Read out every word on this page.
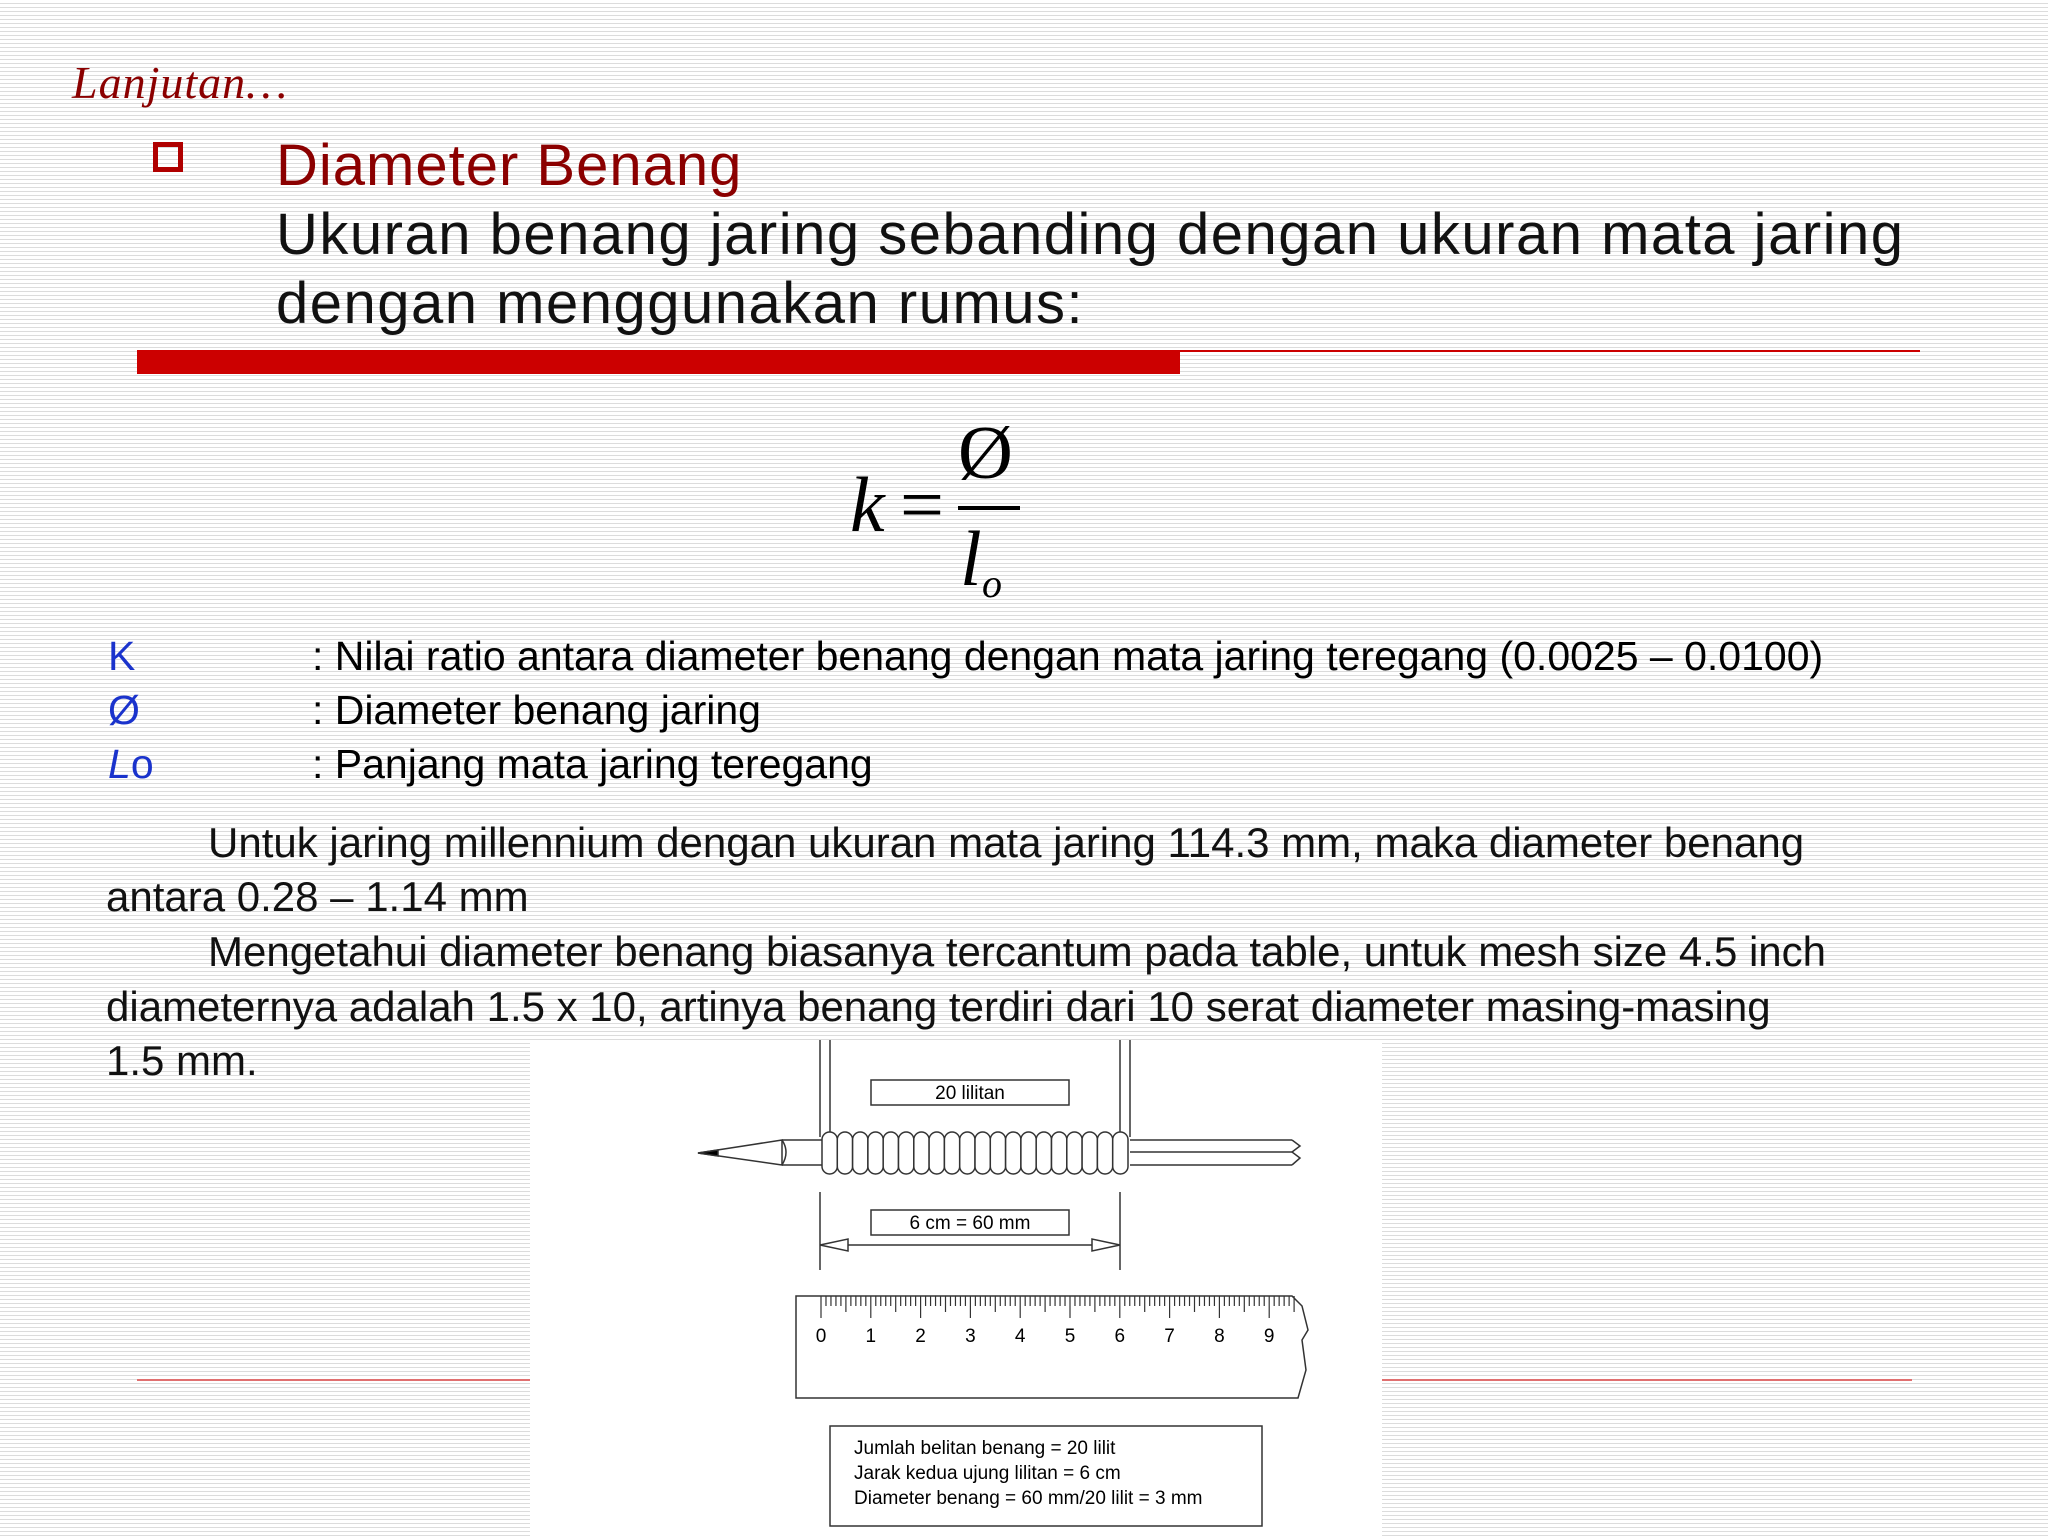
Lanjutan…
Diameter Benang
Ukuran benang jaring sebanding dengan ukuran mata jaring dengan menggunakan rumus:
k =
Ø
l o
K	: Nilai ratio antara diameter benang dengan mata jaring teregang (0.0025 – 0.0100)
Ø	: Diameter benang jaring
Lo	: Panjang mata jaring teregang
Untuk jaring millennium dengan ukuran mata jaring 114.3 mm, maka diameter benang
antara 0.28 – 1.14 mm
Mengetahui diameter benang biasanya tercantum pada table, untuk mesh size 4.5 inch
diameternya adalah 1.5 x 10, artinya benang terdiri dari 10 serat diameter masing-masing
20 lilitan
6 cm = 60 mm
0 1 2 3 4 5 6 7 8 9
Jumlah belitan benang = 20 lilit
Jarak kedua ujung lilitan = 6 cm
Diameter benang = 60 mm/20 lilit = 3 mm
1.5 mm.
